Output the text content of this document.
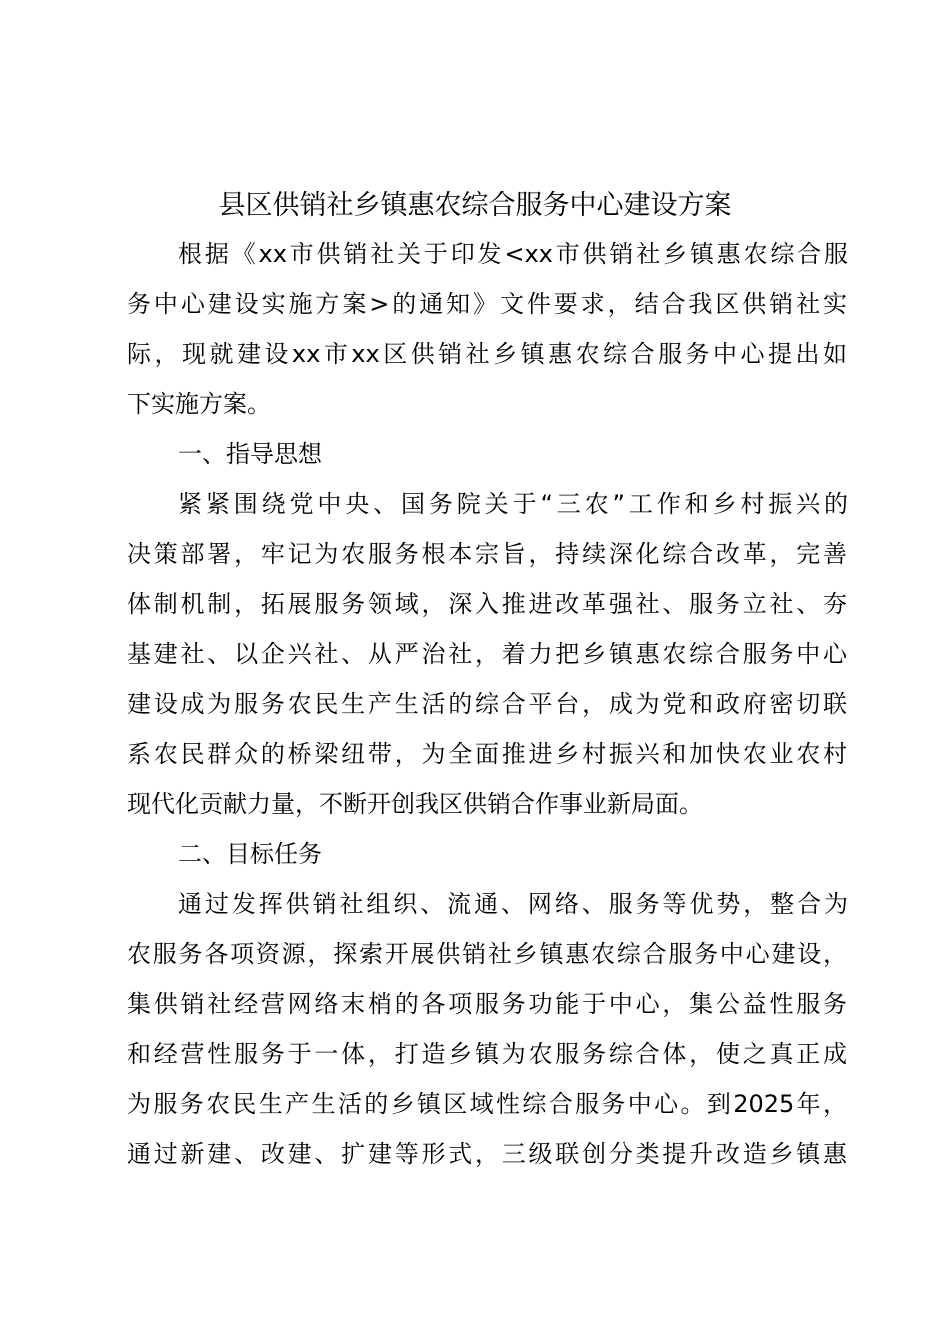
县区供销社乡镇惠农综合服务中心建设方案
根据《xx市供销社关于印发<xx市供销社乡镇惠农综合服
务中心建设实施方案>的通知》文件要求，结合我区供销社实
际，现就建设xx市xx区供销社乡镇惠农综合服务中心提出如
下实施方案。
一、指导思想
紧紧围绕党中央、国务院关于“三农”工作和乡村振兴的
决策部署，牢记为农服务根本宗旨，持续深化综合改革，完善
体制机制，拓展服务领域，深入推进改革强社、服务立社、夯
基建社、以企兴社、从严治社，着力把乡镇惠农综合服务中心
建设成为服务农民生产生活的综合平台，成为党和政府密切联
系农民群众的桥梁纽带，为全面推进乡村振兴和加快农业农村
现代化贡献力量，不断开创我区供销合作事业新局面。
二、目标任务
通过发挥供销社组织、流通、网络、服务等优势，整合为
农服务各项资源，探索开展供销社乡镇惠农综合服务中心建设，
集供销社经营网络末梢的各项服务功能于中心，集公益性服务
和经营性服务于一体，打造乡镇为农服务综合体，使之真正成
为服务农民生产生活的乡镇区域性综合服务中心。到2025年，
通过新建、改建、扩建等形式，三级联创分类提升改造乡镇惠
